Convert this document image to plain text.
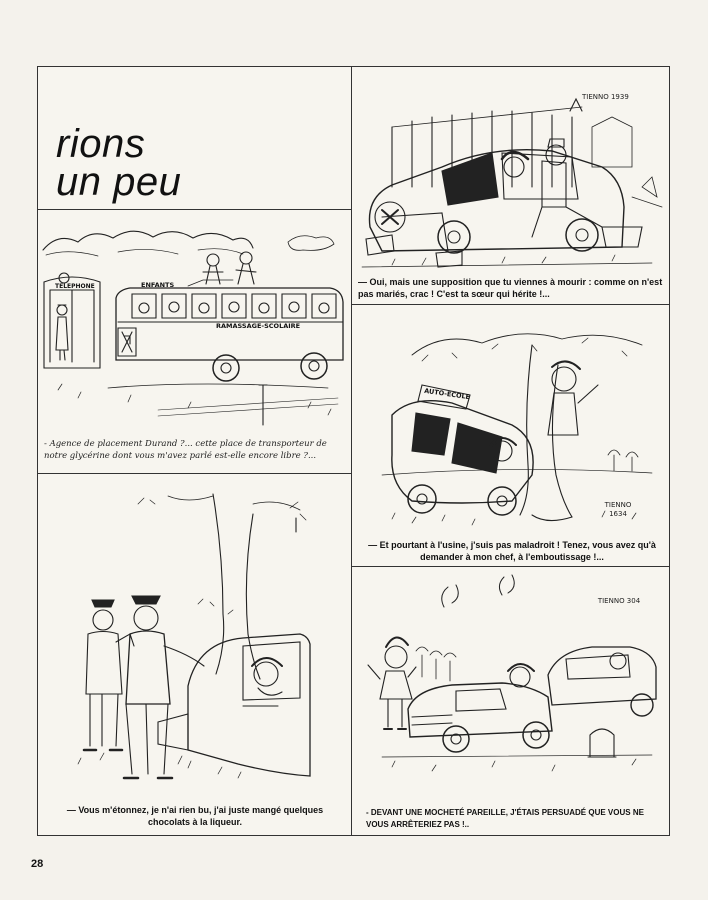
rions
un peu
TELEPHONE	ENFANTS
RAMASSAGE-SCOLAIRE
- Agence de placement Durand ?... cette place de transporteur de notre glycérine dont vous m'avez parlé est-elle encore libre ?...
— Vous m'étonnez, je n'ai rien bu, j'ai juste mangé quelques chocolats à la liqueur.
TIENNO 1939
— Oui, mais une supposition que tu viennes à mourir : comme on n'est pas mariés, crac ! C'est ta sœur qui hérite !...
AUTO-ECOLE
TIENNO 1634
— Et pourtant à l'usine, j'suis pas maladroit ! Tenez, vous avez qu'à demander à mon chef, à l'emboutissage !...
TIENNO 304
- DEVANT UNE MOCHETÉ PAREILLE, J'ÉTAIS PERSUADÉ QUE VOUS NE VOUS ARRÊTERIEZ PAS !..
28
